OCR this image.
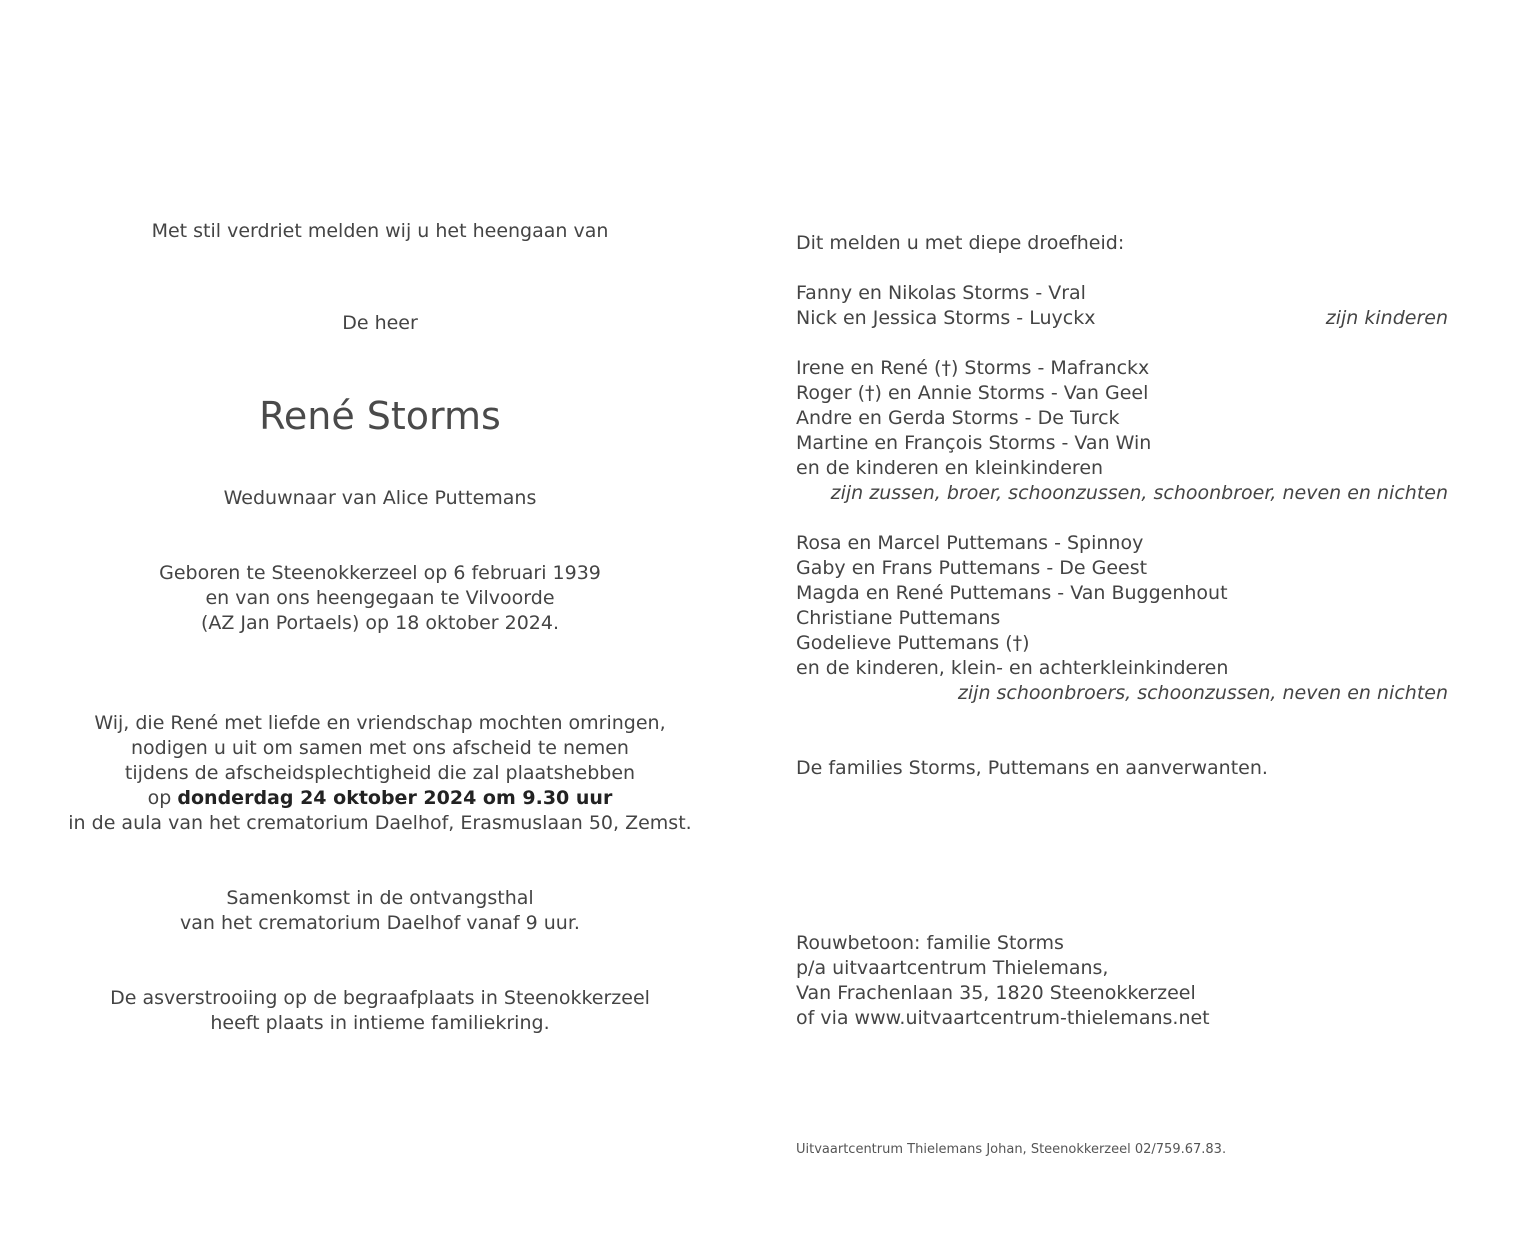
Met stil verdriet melden wij u het heengaan van
De heer
René Storms
Weduwnaar van Alice Puttemans
Geboren te Steenokkerzeel op 6 februari 1939
en van ons heengegaan te Vilvoorde
(AZ Jan Portaels) op 18 oktober 2024.
Wij, die René met liefde en vriendschap mochten omringen,
nodigen u uit om samen met ons afscheid te nemen
tijdens de afscheidsplechtigheid die zal plaatshebben
op donderdag 24 oktober 2024 om 9.30 uur
in de aula van het crematorium Daelhof, Erasmuslaan 50, Zemst.
Samenkomst in de ontvangsthal
van het crematorium Daelhof vanaf 9 uur.
De asverstrooiing op de begraafplaats in Steenokkerzeel
heeft plaats in intieme familiekring.
Dit melden u met diepe droefheid:
Fanny en Nikolas Storms - Vral
Nick en Jessica Storms - Luyckx	zijn kinderen
Irene en René (†) Storms - Mafranckx
Roger (†) en Annie Storms - Van Geel
Andre en Gerda Storms - De Turck
Martine en François Storms - Van Win
en de kinderen en kleinkinderen
zijn zussen, broer, schoonzussen, schoonbroer, neven en nichten
Rosa en Marcel Puttemans - Spinnoy
Gaby en Frans Puttemans - De Geest
Magda en René Puttemans - Van Buggenhout
Christiane Puttemans
Godelieve Puttemans (†)
en de kinderen, klein- en achterkleinkinderen
zijn schoonbroers, schoonzussen, neven en nichten
De families Storms, Puttemans en aanverwanten.
Rouwbetoon: familie Storms
p/a uitvaartcentrum Thielemans,
Van Frachenlaan 35, 1820 Steenokkerzeel
of via www.uitvaartcentrum-thielemans.net
Uitvaartcentrum Thielemans Johan, Steenokkerzeel 02/759.67.83.
